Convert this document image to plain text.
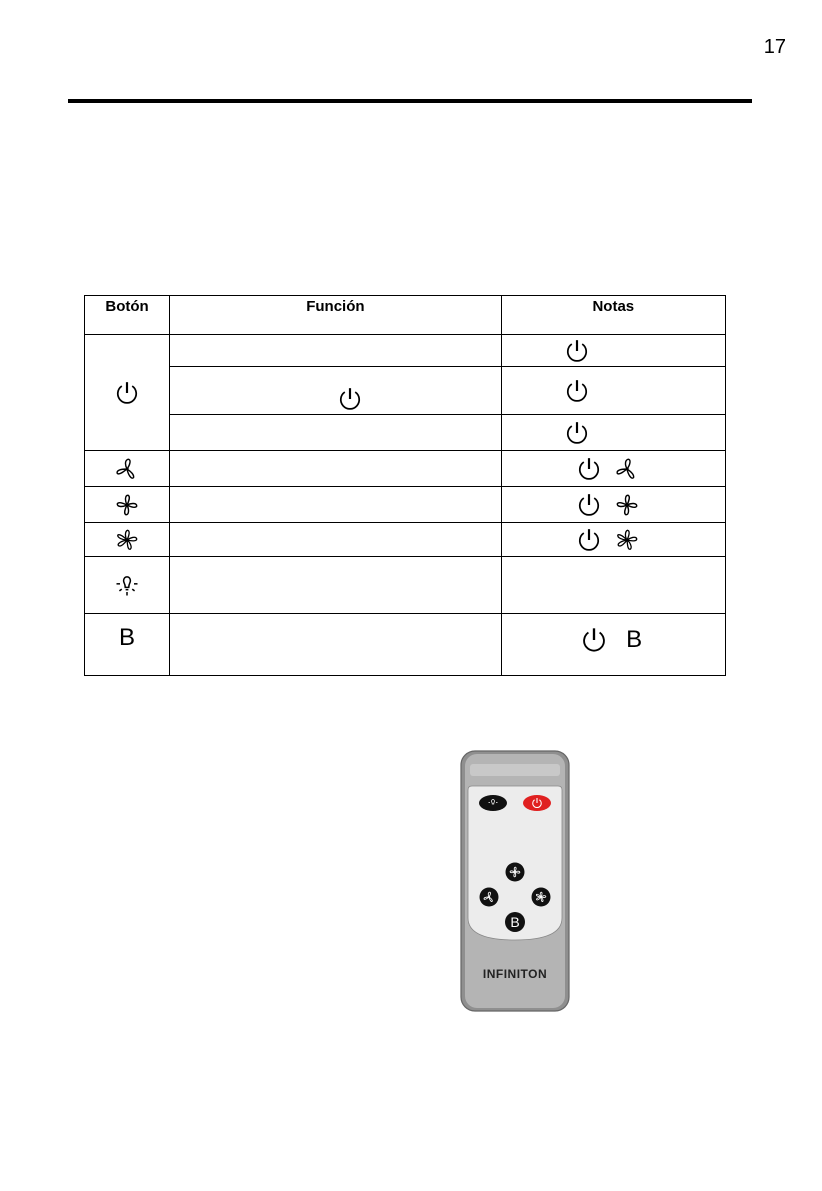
17
Botón	Función	Notas

B		B
B
INFINITON
